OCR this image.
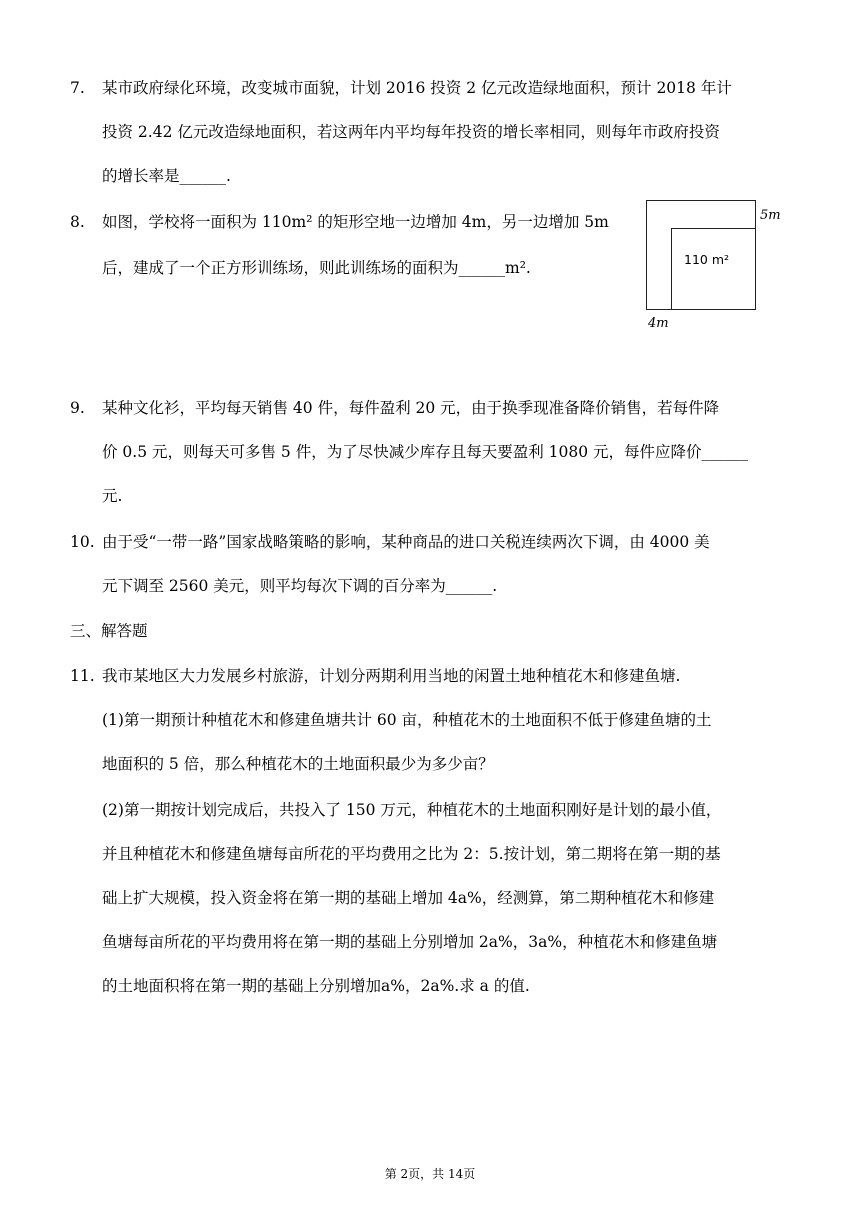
7. 某市政府绿化环境，改变城市面貌，计划 2016 投资 2 亿元改造绿地面积，预计 2018 年计
投资 2.42 亿元改造绿地面积，若这两年内平均每年投资的增长率相同，则每年市政府投资
的增长率是______.
8. 如图，学校将一面积为 110m² 的矩形空地一边增加 4m，另一边增加 5m
后，建成了一个正方形训练场，则此训练场的面积为______m².	110 m²
5m
4m
9. 某种文化衫，平均每天销售 40 件，每件盈利 20 元，由于换季现准备降价销售，若每件降
价 0.5 元，则每天可多售 5 件，为了尽快减少库存且每天要盈利 1080 元，每件应降价______
元.
10. 由于受“一带一路”国家战略策略的影响，某种商品的进口关税连续两次下调，由 4000 美
元下调至 2560 美元，则平均每次下调的百分率为______.
三、解答题
11. 我市某地区大力发展乡村旅游，计划分两期利用当地的闲置土地种植花木和修建鱼塘.
(1)第一期预计种植花木和修建鱼塘共计 60 亩，种植花木的土地面积不低于修建鱼塘的土
地面积的 5 倍，那么种植花木的土地面积最少为多少亩？
(2)第一期按计划完成后，共投入了 150 万元，种植花木的土地面积刚好是计划的最小值，
并且种植花木和修建鱼塘每亩所花的平均费用之比为 2：5.按计划，第二期将在第一期的基
础上扩大规模，投入资金将在第一期的基础上增加 4a%，经测算，第二期种植花木和修建
鱼塘每亩所花的平均费用将在第一期的基础上分别增加 2a%，3a%，种植花木和修建鱼塘
的土地面积将在第一期的基础上分别增加a%，2a%.求 a 的值.
第 2页，共 14页
